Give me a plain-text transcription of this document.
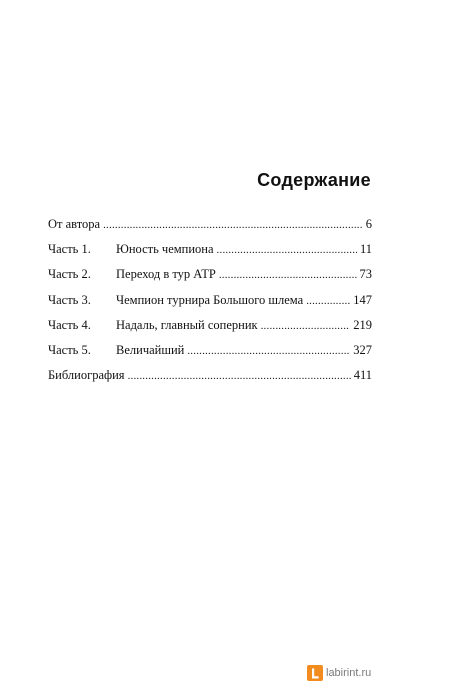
Содержание
От автора .....	6
Часть 1.	Юность чемпиона .....	11
Часть 2.	Переход в тур АТР .....	73
Часть 3.	Чемпион турнира Большого шлема .....	147
Часть 4.	Надаль, главный соперник .....	219
Часть 5.	Величайший .....	327
Библиография .....	411
labirint.ru
